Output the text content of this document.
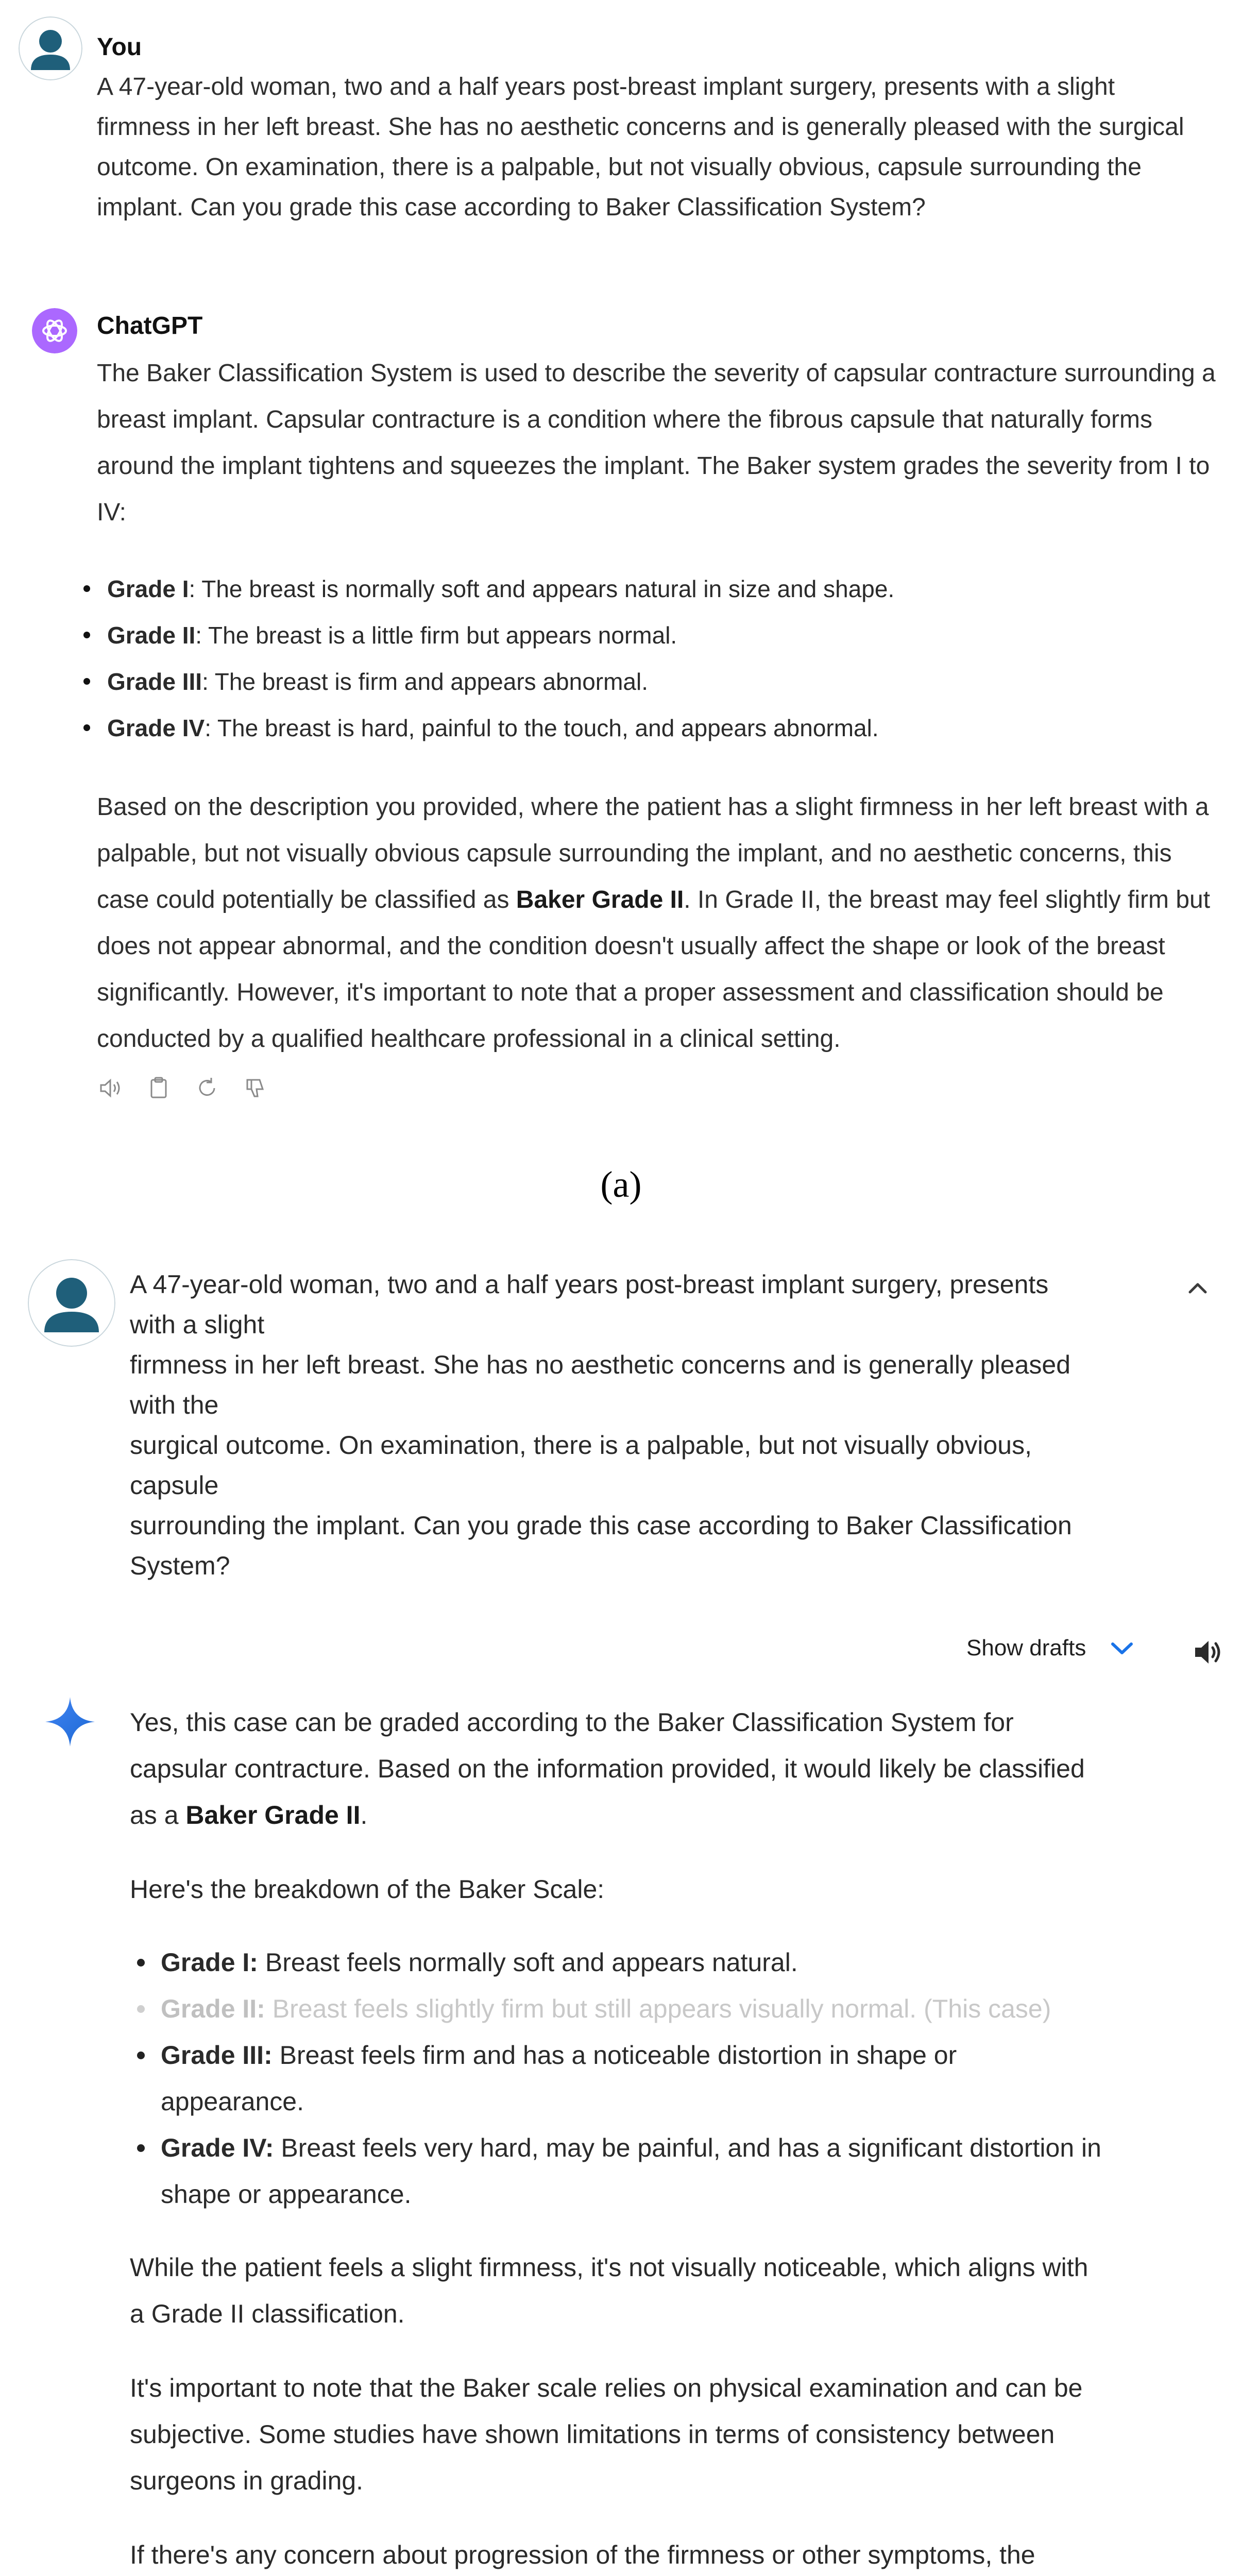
You
A 47-year-old woman, two and a half years post-breast implant surgery, presents with a slight firmness in her left breast. She has no aesthetic concerns and is generally pleased with the surgical outcome. On examination, there is a palpable, but not visually obvious, capsule surrounding the implant. Can you grade this case according to Baker Classification System?
ChatGPT
The Baker Classification System is used to describe the severity of capsular contracture surrounding a breast implant. Capsular contracture is a condition where the fibrous capsule that naturally forms around the implant tightens and squeezes the implant. The Baker system grades the severity from I to IV:
Grade I: The breast is normally soft and appears natural in size and shape.
Grade II: The breast is a little firm but appears normal.
Grade III: The breast is firm and appears abnormal.
Grade IV: The breast is hard, painful to the touch, and appears abnormal.
Based on the description you provided, where the patient has a slight firmness in her left breast with a palpable, but not visually obvious capsule surrounding the implant, and no aesthetic concerns, this case could potentially be classified as Baker Grade II. In Grade II, the breast may feel slightly firm but does not appear abnormal, and the condition doesn't usually affect the shape or look of the breast significantly. However, it's important to note that a proper assessment and classification should be conducted by a qualified healthcare professional in a clinical setting.
(a)
A 47-year-old woman, two and a half years post-breast implant surgery, presents
with a slight
firmness in her left breast. She has no aesthetic concerns and is generally pleased
with the
surgical outcome. On examination, there is a palpable, but not visually obvious,
capsule
surrounding the implant. Can you grade this case according to Baker Classification
System?
Show drafts
Yes, this case can be graded according to the Baker Classification System for
capsular contracture. Based on the information provided, it would likely be classified
as a Baker Grade II.
Here's the breakdown of the Baker Scale:
Grade I: Breast feels normally soft and appears natural.
Grade II: Breast feels slightly firm but still appears visually normal. (This case)
Grade III: Breast feels firm and has a noticeable distortion in shape or
appearance.
Grade IV: Breast feels very hard, may be painful, and has a significant distortion in
shape or appearance.
While the patient feels a slight firmness, it's not visually noticeable, which aligns with
a Grade II classification.
It's important to note that the Baker scale relies on physical examination and can be
subjective. Some studies have shown limitations in terms of consistency between
surgeons in grading.
If there's any concern about progression of the firmness or other symptoms, the
